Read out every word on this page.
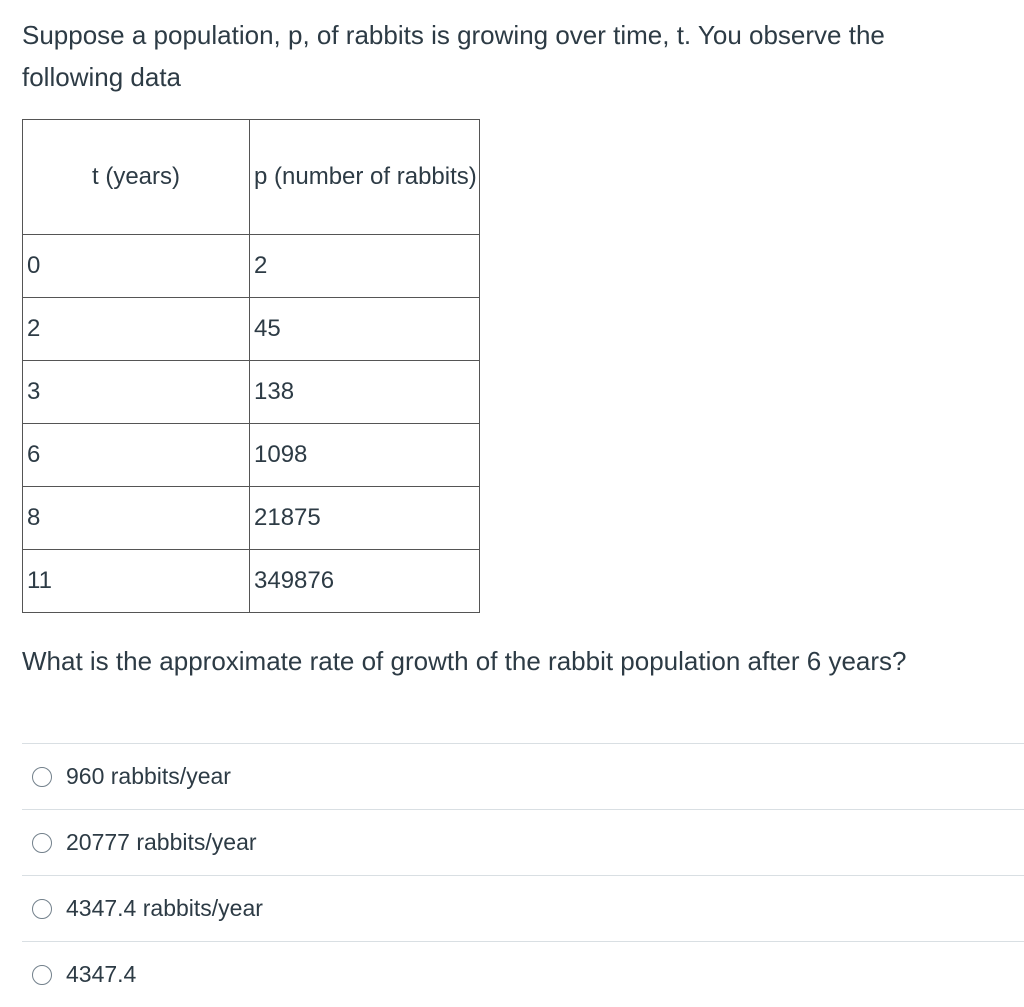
Suppose a population, p, of rabbits is growing over time, t. You observe the following data

t (years)	p (number of rabbits)
0	2
2	45
3	138
6	1098
8	21875
11	349876

What is the approximate rate of growth of the rabbit population after 6 years?

960 rabbits/year
20777 rabbits/year
4347.4 rabbits/year
4347.4
